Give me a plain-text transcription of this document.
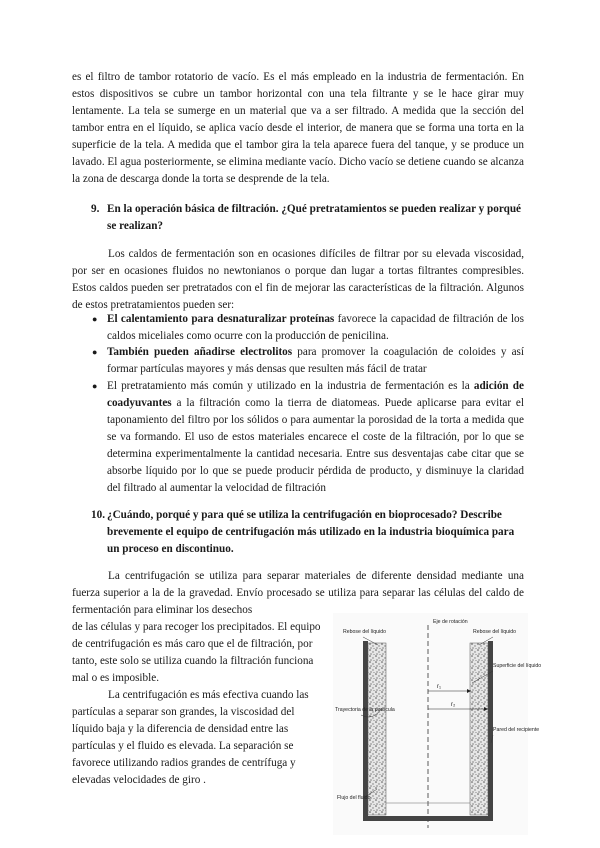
es el filtro de tambor rotatorio de vacío. Es el más empleado en la industria de fermentación. En estos dispositivos se cubre un tambor horizontal con una tela filtrante y se le hace girar muy lentamente. La tela se sumerge en un material que va a ser filtrado. A medida que la sección del tambor entra en el líquido, se aplica vacío desde el interior, de manera que se forma una torta en la superficie de la tela. A medida que el tambor gira la tela aparece fuera del tanque, y se produce un lavado. El agua posteriormente, se elimina mediante vacío. Dicho vacío se detiene cuando se alcanza la zona de descarga donde la torta se desprende de la tela.

9. En la operación básica de filtración. ¿Qué pretratamientos se pueden realizar y porqué se realizan?

Los caldos de fermentación son en ocasiones difíciles de filtrar por su elevada viscosidad, por ser en ocasiones fluidos no newtonianos o porque dan lugar a tortas filtrantes compresibles. Estos caldos pueden ser pretratados con el fin de mejorar las características de la filtración. Algunos de estos pretratamientos pueden ser:

● El calentamiento para desnaturalizar proteínas favorece la capacidad de filtración de los caldos miceliales como ocurre con la producción de penicilina.

● También pueden añadirse electrolitos para promover la coagulación de coloides y así formar partículas mayores y más densas que resulten más fácil de tratar

● El pretratamiento más común y utilizado en la industria de fermentación es la adición de coadyuvantes a la filtración como la tierra de diatomeas. Puede aplicarse para evitar el taponamiento del filtro por los sólidos o para aumentar la porosidad de la torta a medida que se va formando. El uso de estos materiales encarece el coste de la filtración, por lo que se determina experimentalmente la cantidad necesaria. Entre sus desventajas cabe citar que se absorbe líquido por lo que se puede producir pérdida de producto, y disminuye la claridad del filtrado al aumentar la velocidad de filtración

10. ¿Cuándo, porqué y para qué se utiliza la centrifugación en bioprocesado? Describe brevemente el equipo de centrifugación más utilizado en la industria bioquímica para un proceso en discontinuo.

La centrifugación se utiliza para separar materiales de diferente densidad mediante una fuerza superior a la de la gravedad. Envío procesado se utiliza para separar las células del caldo de fermentación para eliminar los desechos

de las células y para recoger los precipitados. El equipo de centrifugación es más caro que el de filtración, por tanto, este solo se utiliza cuando la filtración funciona mal o es imposible.

La centrifugación es más efectiva cuando las partículas a separar son grandes, la viscosidad del líquido baja y la diferencia de densidad entre las partículas y el fluido es elevada. La separación se favorece utilizando radios grandes de centrífuga y elevadas velocidades de giro .

Eje de rotación
Rebose del líquido	Rebose del líquido
r₁
r₂
Superficie del líquido
Pared del recipiente
Trayectoria de la partícula
Flujo del fluido
